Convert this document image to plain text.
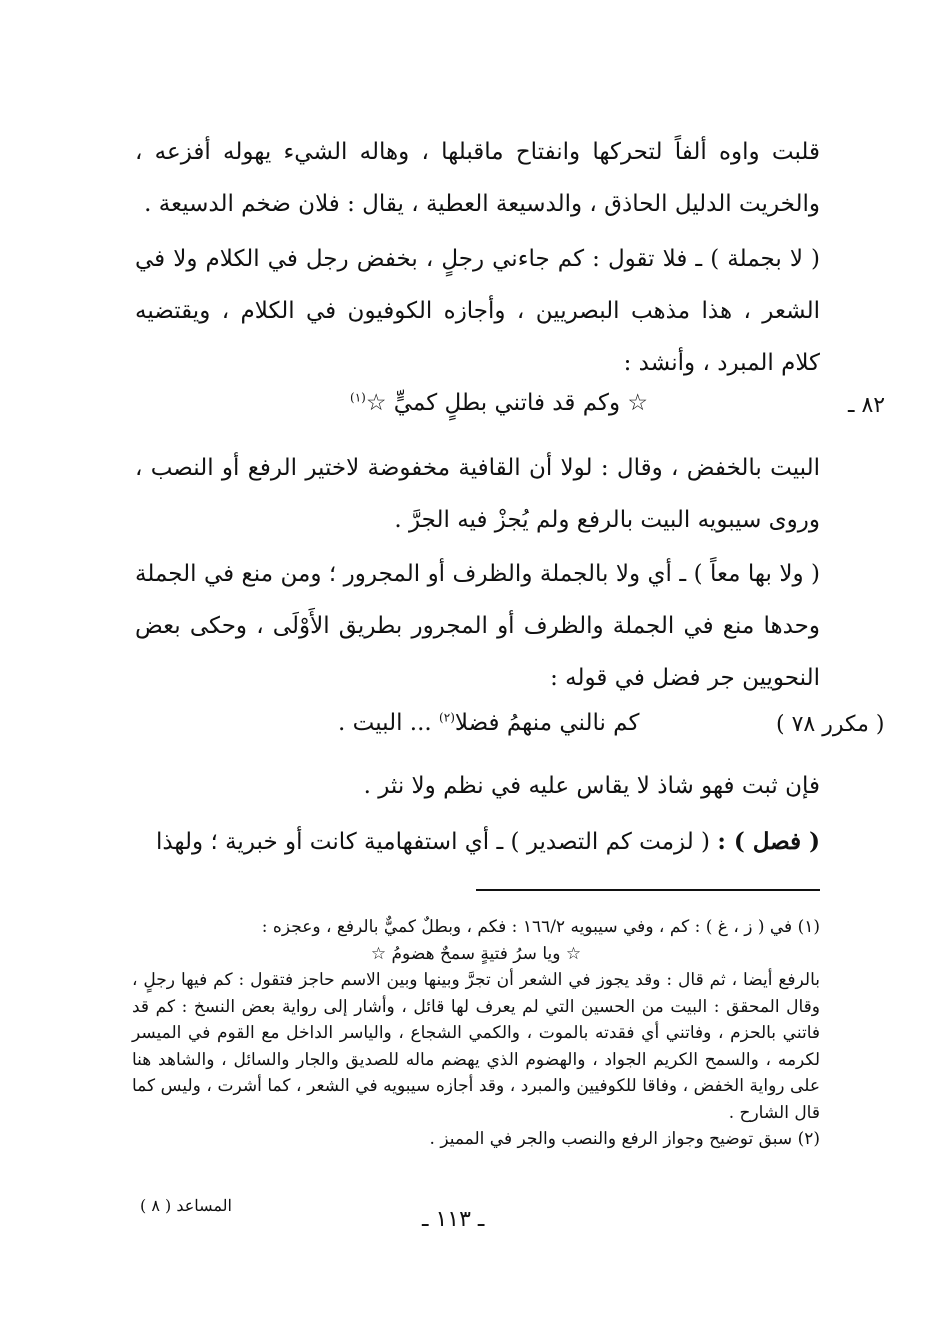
قلبت واوه ألفاً لتحركها وانفتاح ماقبلها ، وهاله الشيء يهوله أفزعه ، والخريت الدليل الحاذق ، والدسيعة العطية ، يقال : فلان ضخم الدسيعة .

( لا بجملة ) ـ فلا تقول : كم جاءني رجلٍ ، بخفض رجل في الكلام ولا في الشعر ، هذا مذهب البصريين ، وأجازه الكوفيون في الكلام ، ويقتضيه كلام المبرد ، وأنشد :

☆ وكم قد فاتني بطلٍ كميٍّ ☆$^{(١)}$	٨٢ ـ

البيت بالخفض ، وقال : لولا أن القافية مخفوضة لاختير الرفع أو النصب ، وروى سيبويه البيت بالرفع ولم يُجزْ فيه الجرَّ .

( ولا بها معاً ) ـ أي ولا بالجملة والظرف أو المجرور ؛ ومن منع في الجملة وحدها منع في الجملة والظرف أو المجرور بطريق الأَوْلَى ، وحكى بعض النحويين جر فضل في قوله :

كم نالني منهمُ فضلا$^{(٢)}$ ... البيت .	( مكرر ٧٨ )

فإن ثبت فهو شاذ لا يقاس عليه في نظم ولا نثر .

( فصل ) : ( لزمت كم التصدير ) ـ أي استفهامية كانت أو خبرية ؛ ولهذا

(١) في ( ز ، غ ) : كم ، وفي سيبويه ١٦٦/٢ : فكم ، وبطلٌ كميٌّ بالرفع ، وعجزه :

☆ ويا سرُ فتيةٍ سمحٌ هضومُ ☆

بالرفع أيضا ، ثم قال : وقد يجوز في الشعر أن تجرَّ وبينها وبين الاسم حاجز فتقول : كم فيها رجلٍ ، وقال المحقق : البيت من الحسين التي لم يعرف لها قائل ، وأشار إلى رواية بعض النسخ : كم قد فاتني بالحزم ، وفاتني أي فقدته بالموت ، والكمي الشجاع ، والياسر الداخل مع القوم في الميسر لكرمه ، والسمح الكريم الجواد ، والهضوم الذي يهضم ماله للصديق والجار والسائل ، والشاهد هنا على رواية الخفض ، وفاقا للكوفيين والمبرد ، وقد أجازه سيبويه في الشعر ، كما أشرت ، وليس كما قال الشارح .

(٢) سبق توضيح وجواز الرفع والنصب والجر في المميز .

المساعد ( ٨ )
ـ ١١٣ ـ
